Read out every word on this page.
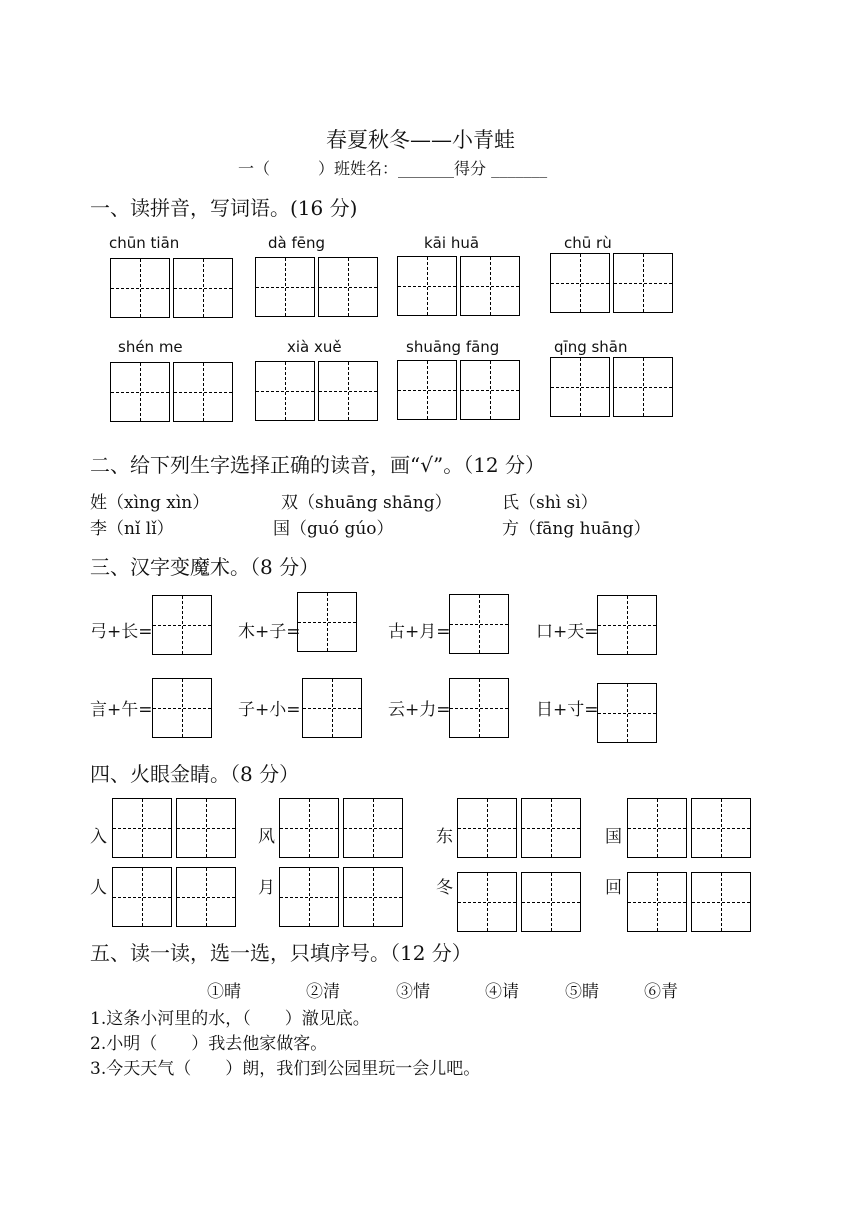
春夏秋冬——小青蛙
一（　　　）班姓名：_______得分 _______
一、读拼音，写词语。(16 分)
chūn tiān	dà fēng	kāi huā	chū rù
shén me	xià xuě	shuāng fāng	qīng shān
二、给下列生字选择正确的读音，画“√”。（12 分）
姓（xìng xìn）	双（shuāng shāng）	氏（shì sì）
李（nǐ lǐ）	国（guó gúo）	方（fāng huāng）
三、汉字变魔术。（8 分）
弓+长=	木+子=	古+月=	口+天=
言+午=	子+小=	云+力=	日+寸=
四、火眼金睛。（8 分）
入	风	东	国
人	月	冬	回
五、读一读，选一选，只填序号。（12 分）
①晴	②清	③情	④请	⑤睛	⑥青
1.这条小河里的水，（　　）澈见底。
2.小明（　　）我去他家做客。
3.今天天气（　　）朗，我们到公园里玩一会儿吧。
